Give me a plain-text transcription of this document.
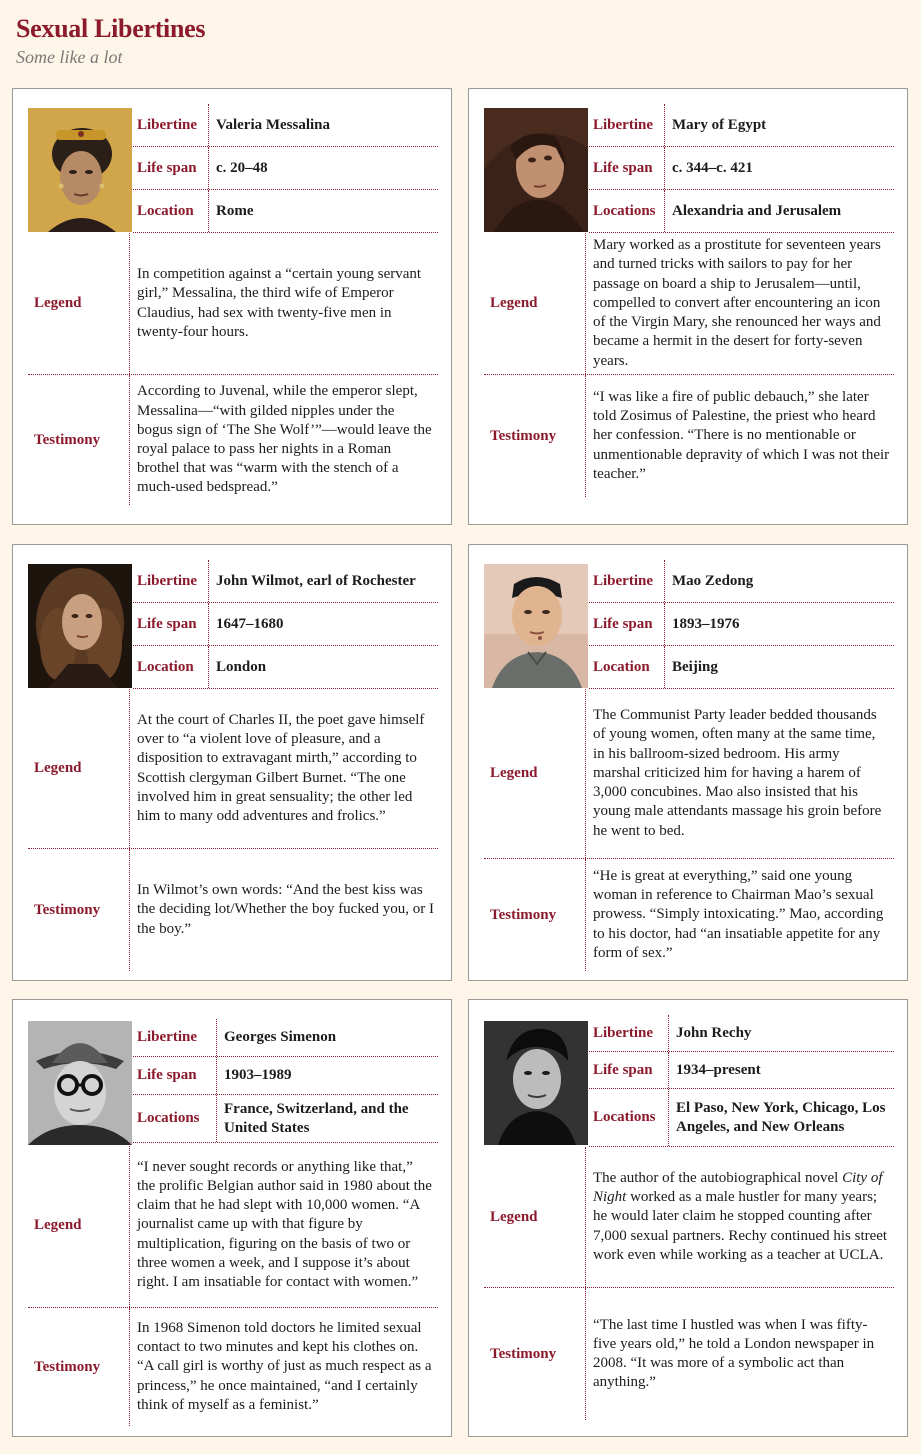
Sexual Libertines
Some like a lot
Libertine	Valeria Messalina
Life span	c. 20–48
Location	Rome
Legend
In competition against a “certain young servant girl,” Messalina, the third wife of Emperor Claudius, had sex with twenty-five men in twenty-four hours.
Testimony
According to Juvenal, while the emperor slept, Messalina—“with gilded nipples under the bogus sign of ‘The She Wolf’”—would leave the royal palace to pass her nights in a Roman brothel that was “warm with the stench of a much-used bedspread.”
Libertine	Mary of Egypt
Life span	c. 344–c. 421
Locations	Alexandria and Jerusalem
Legend
Mary worked as a prostitute for seventeen years and turned tricks with sailors to pay for her passage on board a ship to Jerusalem—until, compelled to convert after encountering an icon of the Virgin Mary, she renounced her ways and became a hermit in the desert for forty-seven years.
Testimony
“I was like a fire of public debauch,” she later told Zosimus of Palestine, the priest who heard her confession. “There is no mentionable or unmentionable depravity of which I was not their teacher.”
Libertine	John Wilmot, earl of Rochester
Life span	1647–1680
Location	London
Legend
At the court of Charles II, the poet gave himself over to “a violent love of pleasure, and a disposition to extravagant mirth,” according to Scottish clergyman Gilbert Burnet. “The one involved him in great sensuality; the other led him to many odd adventures and frolics.”
Testimony
In Wilmot’s own words: “And the best kiss was the deciding lot/Whether the boy fucked you, or I the boy.”
Libertine	Mao Zedong
Life span	1893–1976
Location	Beijing
Legend
The Communist Party leader bedded thousands of young women, often many at the same time, in his ballroom-sized bedroom. His army marshal criticized him for having a harem of 3,000 concubines. Mao also insisted that his young male attendants massage his groin before he went to bed.
Testimony
“He is great at everything,” said one young woman in reference to Chairman Mao’s sexual prowess. “Simply intoxicating.” Mao, according to his doctor, had “an insatiable appetite for any form of sex.”
Libertine	Georges Simenon
Life span	1903–1989
Locations
France, Switzerland, and the United States
Legend
“I never sought records or anything like that,” the prolific Belgian author said in 1980 about the claim that he had slept with 10,000 women. “A journalist came up with that figure by multiplication, figuring on the basis of two or three women a week, and I suppose it’s about right. I am insatiable for contact with women.”
Testimony
In 1968 Simenon told doctors he limited sexual contact to two minutes and kept his clothes on. “A call girl is worthy of just as much respect as a princess,” he once maintained, “and I certainly think of myself as a feminist.”
Libertine	John Rechy
Life span	1934–present
Locations
El Paso, New York, Chicago, Los Angeles, and New Orleans
Legend
The author of the autobiographical novel City of Night worked as a male hustler for many years; he would later claim he stopped counting after 7,000 sexual partners. Rechy continued his street work even while working as a teacher at UCLA.
Testimony
“The last time I hustled was when I was fifty-five years old,” he told a London newspaper in 2008. “It was more of a symbolic act than anything.”
